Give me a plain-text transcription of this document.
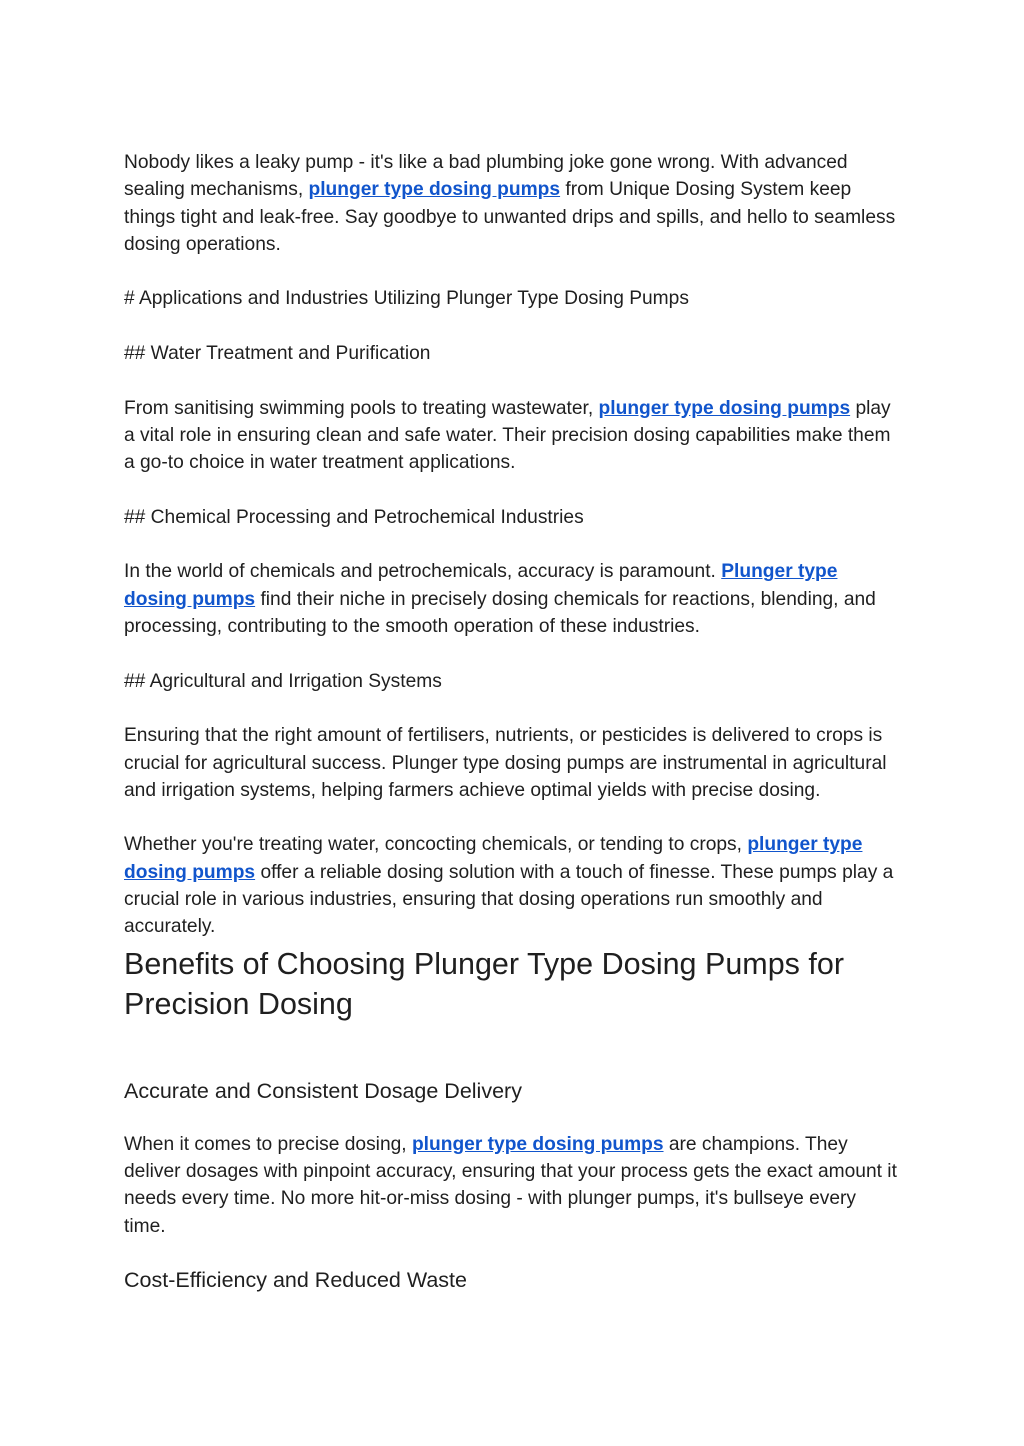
Nobody likes a leaky pump - it's like a bad plumbing joke gone wrong. With advanced sealing mechanisms, plunger type dosing pumps from Unique Dosing System keep things tight and leak-free. Say goodbye to unwanted drips and spills, and hello to seamless dosing operations.

# Applications and Industries Utilizing Plunger Type Dosing Pumps

## Water Treatment and Purification

From sanitising swimming pools to treating wastewater, plunger type dosing pumps play a vital role in ensuring clean and safe water. Their precision dosing capabilities make them a go-to choice in water treatment applications.

## Chemical Processing and Petrochemical Industries

In the world of chemicals and petrochemicals, accuracy is paramount. Plunger type dosing pumps find their niche in precisely dosing chemicals for reactions, blending, and processing, contributing to the smooth operation of these industries.

## Agricultural and Irrigation Systems

Ensuring that the right amount of fertilisers, nutrients, or pesticides is delivered to crops is crucial for agricultural success. Plunger type dosing pumps are instrumental in agricultural and irrigation systems, helping farmers achieve optimal yields with precise dosing.

Whether you're treating water, concocting chemicals, or tending to crops, plunger type dosing pumps offer a reliable dosing solution with a touch of finesse. These pumps play a crucial role in various industries, ensuring that dosing operations run smoothly and accurately.

Benefits of Choosing Plunger Type Dosing Pumps for Precision Dosing
Accurate and Consistent Dosage Delivery

When it comes to precise dosing, plunger type dosing pumps are champions. They deliver dosages with pinpoint accuracy, ensuring that your process gets the exact amount it needs every time. No more hit-or-miss dosing - with plunger pumps, it's bullseye every time.

Cost-Efficiency and Reduced Waste
